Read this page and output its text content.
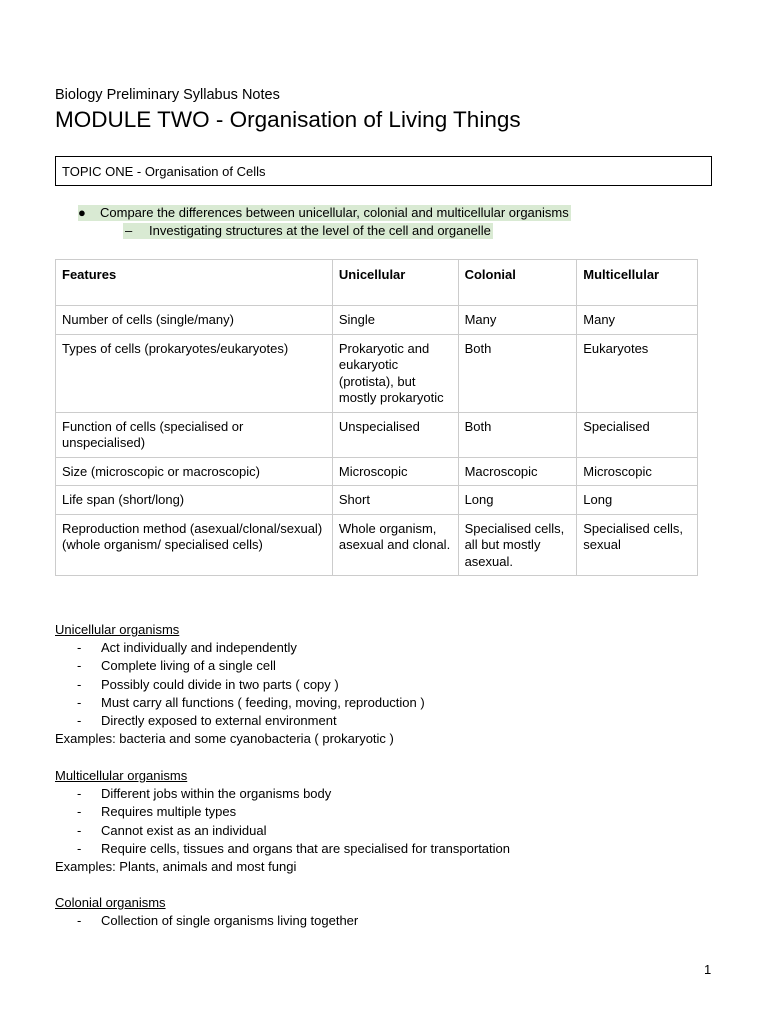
Biology Preliminary Syllabus Notes
MODULE TWO - Organisation of Living Things
TOPIC ONE - Organisation of Cells
● Compare the differences between unicellular, colonial and multicellular organisms
– Investigating structures at the level of the cell and organelle
Features	Unicellular	Colonial	Multicellular
Number of cells (single/many)	Single	Many	Many
Types of cells (prokaryotes/eukaryotes)	Prokaryotic and eukaryotic (protista), but mostly prokaryotic	Both	Eukaryotes
Function of cells (specialised or unspecialised)	Unspecialised	Both	Specialised
Size (microscopic or macroscopic)	Microscopic	Macroscopic	Microscopic
Life span (short/long)	Short	Long	Long
Reproduction method (asexual/clonal/sexual)
(whole organism/ specialised cells)	Whole organism, asexual and clonal.	Specialised cells, all but mostly asexual.	Specialised cells, sexual
Unicellular organisms
- Act individually and independently
- Complete living of a single cell
- Possibly could divide in two parts ( copy )
- Must carry all functions ( feeding, moving, reproduction )
- Directly exposed to external environment
Examples: bacteria and some cyanobacteria ( prokaryotic )
Multicellular organisms
- Different jobs within the organisms body
- Requires multiple types
- Cannot exist as an individual
- Require cells, tissues and organs that are specialised for transportation
Examples: Plants, animals and most fungi
Colonial organisms
- Collection of single organisms living together
1
